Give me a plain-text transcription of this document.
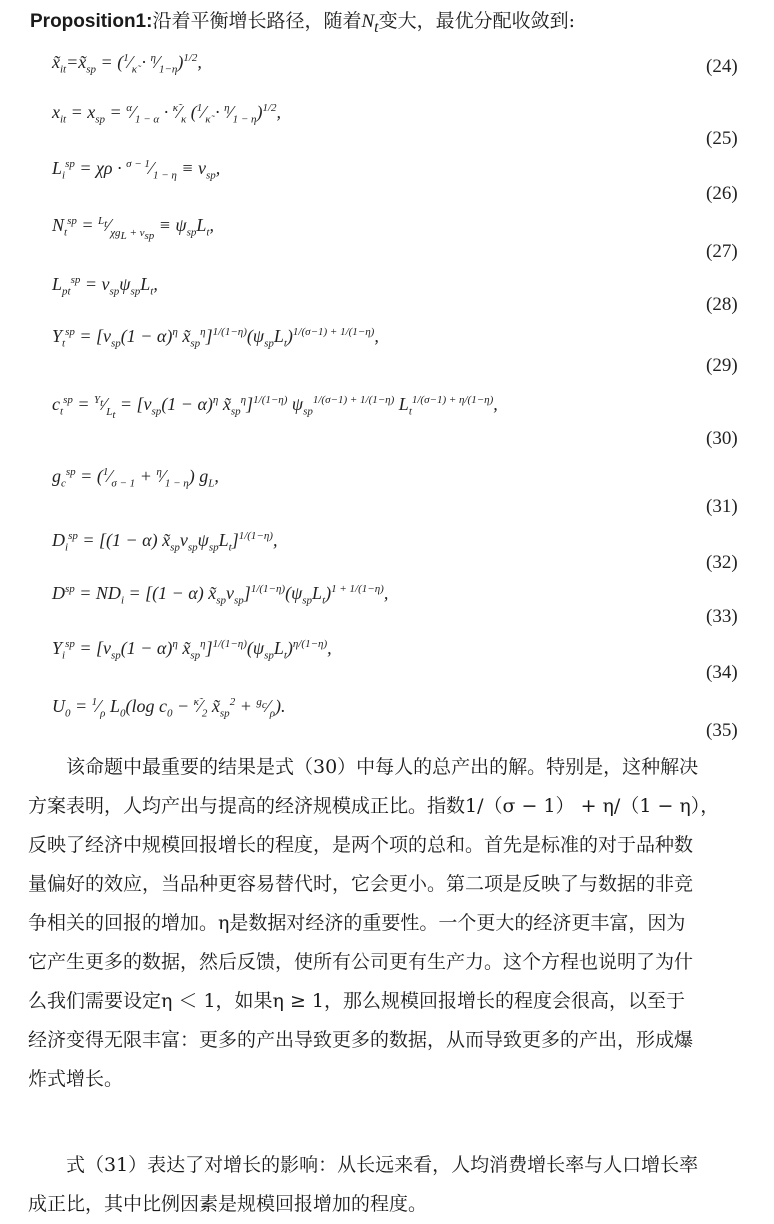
Proposition1:沿着平衡增长路径，随着$N_t$变大，最优分配收敛到:
$x̃_{it}=x̃_{sp}$ = ($^1⁄_{\kappã}$ · $^\eta⁄_{1-\eta})^{1/2}$,	(24)
$x_{it} = x_{sp}$ = $^\alpha⁄_{1 - \alpha}$ · $^{\kappã}⁄_\kappa$ ($^1⁄_{\kappã}$ · $^\eta⁄_{1 - \eta})^{1/2}$,
(25)
$L_i^{sp} = \chi\rho$ · $^{\sigma - 1}⁄_{1 - \eta} \equiv \nu_{sp}$,
(26)
$N_t^{sp}$ = $^{L_t}⁄_{\chi g_L + \nu_{sp}} \equiv \psi_{sp}L_t$,
(27)
$L_{pt}^{sp} = \nu_{sp}\psi_{sp}L_t$,
(28)
$Y_t^{sp} = [\nu_{sp}(1 - \alpha)^\eta$ $x̃_{sp}^\eta]^{1/(1-\eta)}(\psi_{sp}L_t)^{1/(\sigma-1) + 1/(1-\eta)}$,
(29)
$c_t^{sp}$ = $^{Y_t}⁄_{L_t} = [\nu_{sp}(1 - \alpha)^\eta$ $x̃_{sp}^\eta]^{1/(1-\eta)}$ $\psi_{sp}^{1/(\sigma-1) + 1/(1-\eta)}$ $L_t^{1/(\sigma-1) + \eta/(1-\eta)}$,
(30)
$g_c^{sp}$ = ($^1⁄_{\sigma - 1}$ + $^\eta⁄_{1 - \eta}$) $g_L$,
(31)
$D_i^{sp} = [(1 - \alpha)$ $x̃_{sp}\nu_{sp}\psi_{sp}L_t]^{1/(1-\eta)}$,
(32)
$D^{sp} = ND_i = [(1 - \alpha)$ $x̃_{sp}\nu_{sp}]^{1/(1-\eta)}(\psi_{sp}L_t)^{1 + 1/(1-\eta)}$,
(33)
$Y_i^{sp} = [\nu_{sp}(1 - \alpha)^\eta$ $x̃_{sp}^\eta]^{1/(1-\eta)}(\psi_{sp}L_t)^{\eta/(1-\eta)}$,
(34)
$U_0$ = $^1⁄_\rho$ $L_0(\log$ $c_0$ − $^{\kappã}⁄_2$ $x̃_{sp}^2$ + $^{g_c}⁄_\rho$).
(35)
　　该命题中最重要的结果是式（30）中每人的总产出的解。特别是，这种解决
方案表明，人均产出与提高的经济规模成正比。指数1/（σ − 1） + η/（1 − η），
反映了经济中规模回报增长的程度，是两个项的总和。首先是标准的对于品种数
量偏好的效应，当品种更容易替代时，它会更小。第二项是反映了与数据的非竞
争相关的回报的增加。η是数据对经济的重要性。一个更大的经济更丰富，因为
它产生更多的数据，然后反馈，使所有公司更有生产力。这个方程也说明了为什
么我们需要设定η ＜ 1，如果η ≥ 1，那么规模回报增长的程度会很高，以至于
经济变得无限丰富：更多的产出导致更多的数据，从而导致更多的产出，形成爆
炸式增长。
　　式（31）表达了对增长的影响：从长远来看，人均消费增长率与人口增长率
成正比，其中比例因素是规模回报增加的程度。
